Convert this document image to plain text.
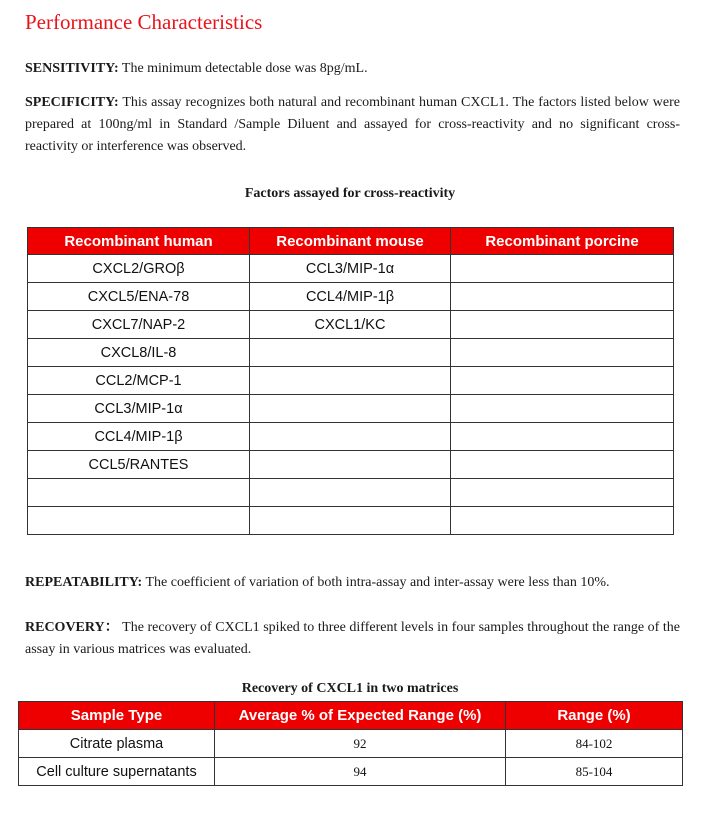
Performance Characteristics

SENSITIVITY: The minimum detectable dose was 8pg/mL.

SPECIFICITY: This assay recognizes both natural and recombinant human CXCL1. The factors listed below were prepared at 100ng/ml in Standard /Sample Diluent and assayed for cross-reactivity and no significant cross-reactivity or interference was observed.

Factors assayed for cross-reactivity

Recombinant human	Recombinant mouse	Recombinant porcine
CXCL2/GROβ	CCL3/MIP-1α	
CXCL5/ENA-78	CCL4/MIP-1β	
CXCL7/NAP-2	CXCL1/KC	
CXCL8/IL-8		
CCL2/MCP-1		
CCL3/MIP-1α		
CCL4/MIP-1β		
CCL5/RANTES		

REPEATABILITY: The coefficient of variation of both intra-assay and inter-assay were less than 10%.

RECOVERY： The recovery of CXCL1 spiked to three different levels in four samples throughout the range of the assay in various matrices was evaluated.

Recovery of CXCL1 in two matrices

Sample Type	Average % of Expected Range (%)	Range (%)
Citrate plasma	92	84-102
Cell culture supernatants	94	85-104
